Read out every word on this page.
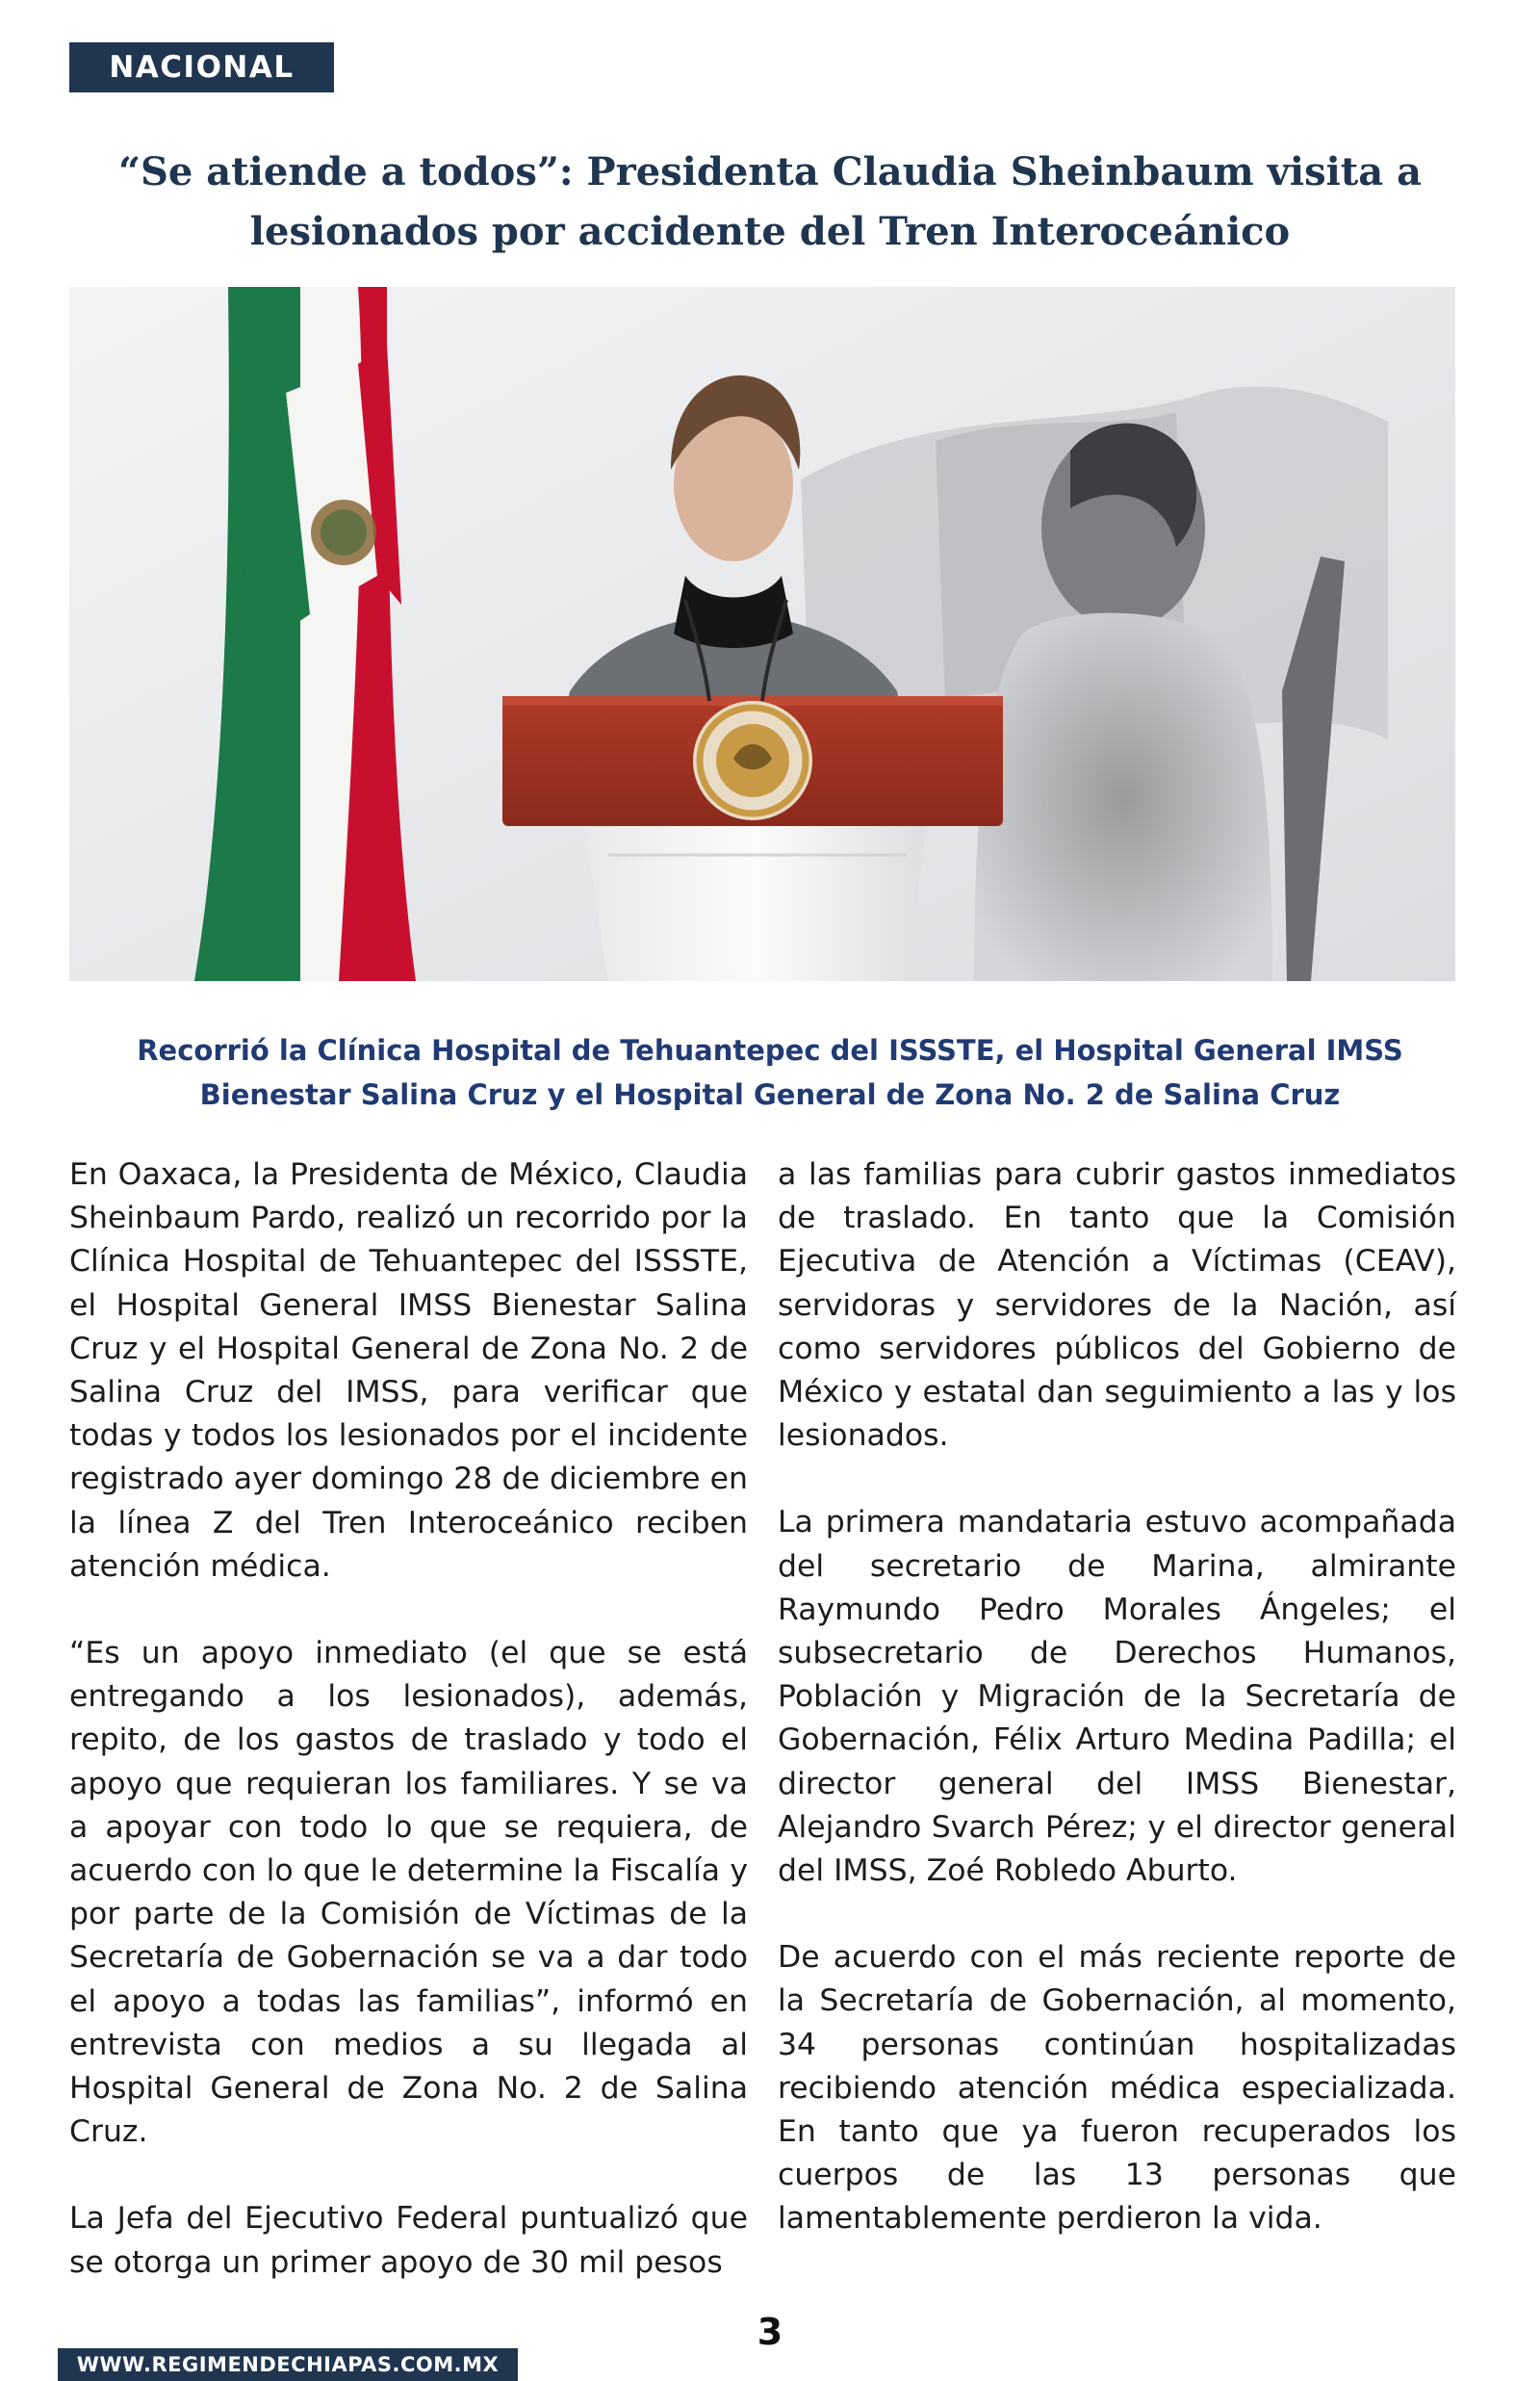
NACIONAL
“Se atiende a todos”: Presidenta Claudia Sheinbaum visita a lesionados por accidente del Tren Interoceánico

Recorrió la Clínica Hospital de Tehuantepec del ISSSTE, el Hospital General IMSS Bienestar Salina Cruz y el Hospital General de Zona No. 2 de Salina Cruz

En Oaxaca, la Presidenta de México, Claudia Sheinbaum Pardo, realizó un recorrido por la Clínica Hospital de Tehuantepec del ISSSTE, el Hospital General IMSS Bienestar Salina Cruz y el Hospital General de Zona No. 2 de Salina Cruz del IMSS, para verificar que todas y todos los lesionados por el incidente registrado ayer domingo 28 de diciembre en la línea Z del Tren Interoceánico reciben atención médica.

“Es un apoyo inmediato (el que se está entregando a los lesionados), además, repito, de los gastos de traslado y todo el apoyo que requieran los familiares. Y se va a apoyar con todo lo que se requiera, de acuerdo con lo que le determine la Fiscalía y por parte de la Comisión de Víctimas de la Secretaría de Gobernación se va a dar todo el apoyo a todas las familias”, informó en entrevista con medios a su llegada al Hospital General de Zona No. 2 de Salina Cruz.

La Jefa del Ejecutivo Federal puntualizó que se otorga un primer apoyo de 30 mil pesos

a las familias para cubrir gastos inmediatos de traslado. En tanto que la Comisión Ejecutiva de Atención a Víctimas (CEAV), servidoras y servidores de la Nación, así como servidores públicos del Gobierno de México y estatal dan seguimiento a las y los lesionados.

La primera mandataria estuvo acompañada del secretario de Marina, almirante Raymundo Pedro Morales Ángeles; el subsecretario de Derechos Humanos, Población y Migración de la Secretaría de Gobernación, Félix Arturo Medina Padilla; el director general del IMSS Bienestar, Alejandro Svarch Pérez; y el director general del IMSS, Zoé Robledo Aburto.

De acuerdo con el más reciente reporte de la Secretaría de Gobernación, al momento, 34 personas continúan hospitalizadas recibiendo atención médica especializada. En tanto que ya fueron recuperados los cuerpos de las 13 personas que lamentablemente perdieron la vida.

3
WWW.REGIMENDECHIAPAS.COM.MX
